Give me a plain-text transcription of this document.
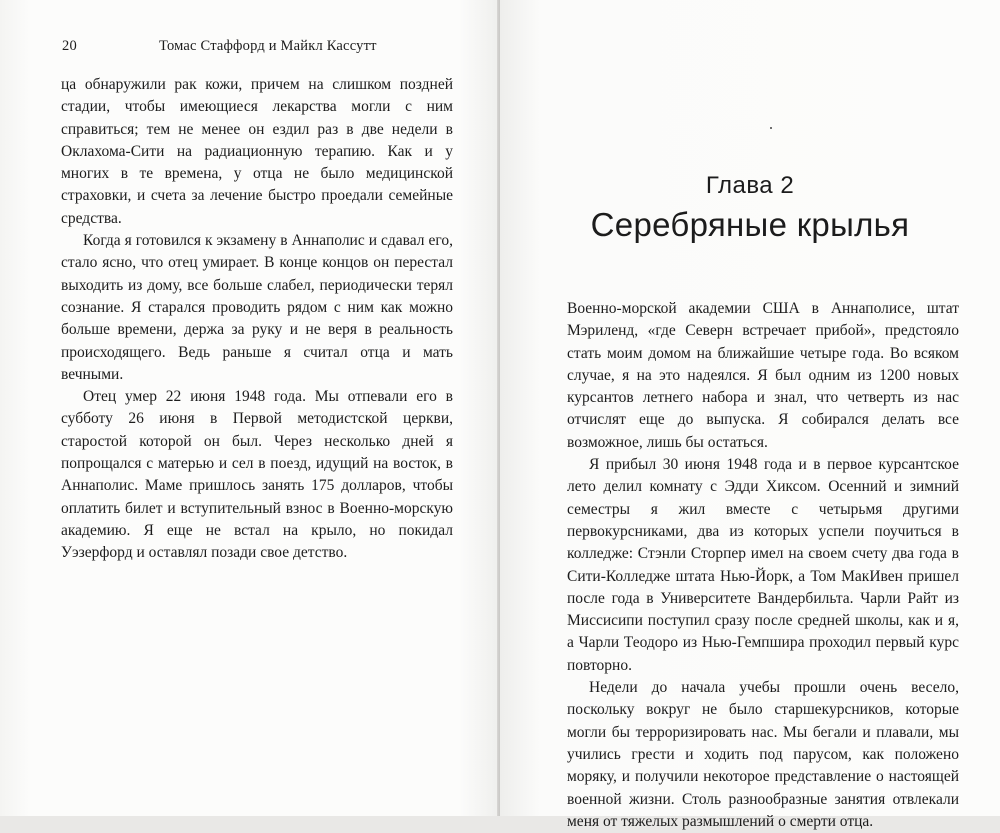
20	Томас Стаффорд и Майкл Кассутт

ца обнаружили рак кожи, причем на слишком поздней стадии, чтобы имеющиеся лекарства могли с ним справиться; тем не менее он ездил раз в две недели в Оклахома-Сити на радиационную терапию. Как и у многих в те времена, у отца не было медицинской страховки, и счета за лечение быстро проедали семейные средства.

Когда я готовился к экзамену в Аннаполис и сдавал его, стало ясно, что отец умирает. В конце концов он перестал выходить из дому, все больше слабел, периодически терял сознание. Я старался проводить рядом с ним как можно больше времени, держа за руку и не веря в реальность происходящего. Ведь раньше я считал отца и мать вечными.

Отец умер 22 июня 1948 года. Мы отпевали его в субботу 26 июня в Первой методистской церкви, старостой которой он был. Через несколько дней я попрощался с матерью и сел в поезд, идущий на восток, в Аннаполис. Маме пришлось занять 175 долларов, чтобы оплатить билет и вступительный взнос в Военно-морскую академию. Я еще не встал на крыло, но покидал Уэзерфорд и оставлял позади свое детство.

Глава 2
Серебряные крылья

Военно-морской академии США в Аннаполисе, штат Мэриленд, «где Северн встречает прибой», предстояло стать моим домом на ближайшие четыре года. Во всяком случае, я на это надеялся. Я был одним из 1200 новых курсантов летнего набора и знал, что четверть из нас отчислят еще до выпуска. Я собирался делать все возможное, лишь бы остаться.

Я прибыл 30 июня 1948 года и в первое курсантское лето делил комнату с Эдди Хиксом. Осенний и зимний семестры я жил вместе с четырьмя другими первокурсниками, два из которых успели поучиться в колледже: Стэнли Сторпер имел на своем счету два года в Сити-Колледже штата Нью-Йорк, а Том МакИвен пришел после года в Университете Вандербильта. Чарли Райт из Миссисипи поступил сразу после средней школы, как и я, а Чарли Теодоро из Нью-Гемпшира проходил первый курс повторно.

Недели до начала учебы прошли очень весело, поскольку вокруг не было старшекурсников, которые могли бы терроризировать нас. Мы бегали и плавали, мы учились грести и ходить под парусом, как положено моряку, и получили некоторое представление о настоящей военной жизни. Столь разнообразные занятия отвлекали меня от тяжелых размышлений о смерти отца.
